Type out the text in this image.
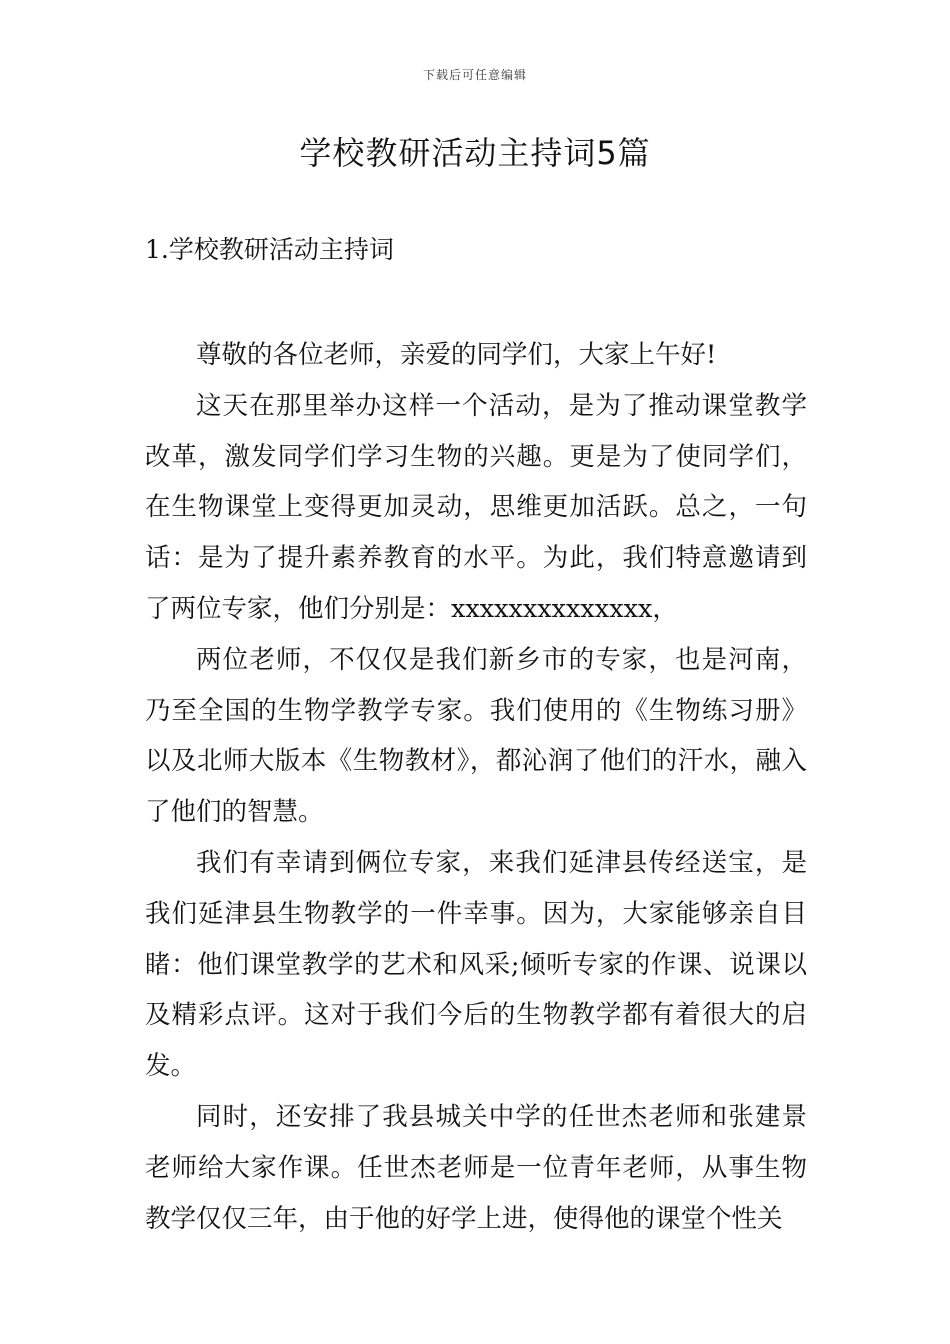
下载后可任意编辑
学校教研活动主持词5篇
1.学校教研活动主持词

尊敬的各位老师，亲爱的同学们，大家上午好!

这天在那里举办这样一个活动，是为了推动课堂教学改革，激发同学们学习生物的兴趣。更是为了使同学们，在生物课堂上变得更加灵动，思维更加活跃。总之，一句话：是为了提升素养教育的水平。为此，我们特意邀请到了两位专家，他们分别是：xxxxxxxxxxxxxx，

两位老师，不仅仅是我们新乡市的专家，也是河南，乃至全国的生物学教学专家。我们使用的《生物练习册》以及北师大版本《生物教材》，都沁润了他们的汗水，融入了他们的智慧。

我们有幸请到俩位专家，来我们延津县传经送宝，是我们延津县生物教学的一件幸事。因为，大家能够亲自目睹：他们课堂教学的艺术和风采;倾听专家的作课、说课以及精彩点评。这对于我们今后的生物教学都有着很大的启发。

同时，还安排了我县城关中学的任世杰老师和张建景老师给大家作课。任世杰老师是一位青年老师，从事生物教学仅仅三年，由于他的好学上进，使得他的课堂个性关
